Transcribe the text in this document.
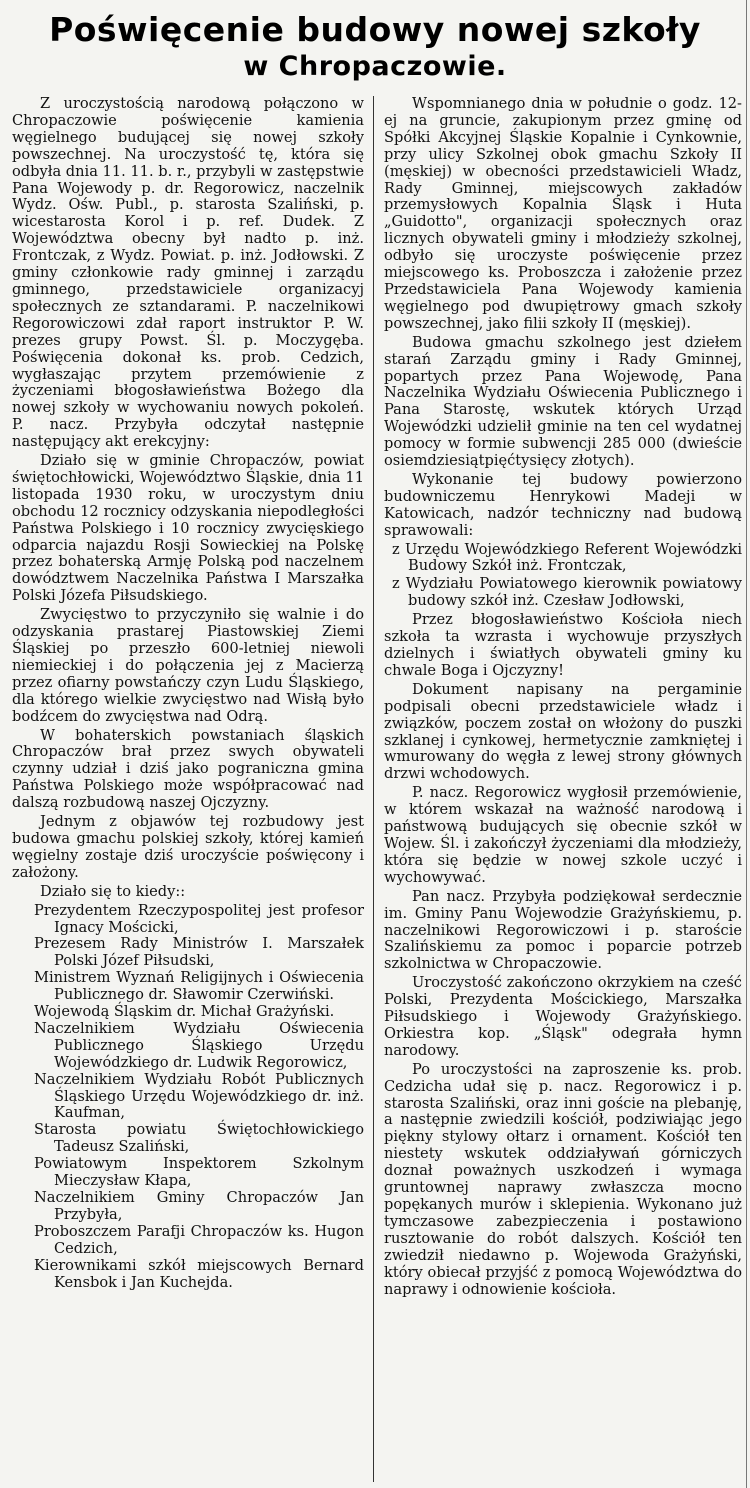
Poświęcenie budowy nowej szkoły
w Chropaczowie.

Z uroczystością narodową połączono w Chropaczowie poświęcenie kamienia węgielnego budującej się nowej szkoły powszechnej. Na uroczystość tę, która się odbyła dnia 11. 11. b. r., przybyli w zastępstwie Pana Wojewody p. dr. Regorowicz, naczelnik Wydz. Ośw. Publ., p. starosta Szaliński, p. wicestarosta Korol i p. ref. Dudek. Z Województwa obecny był nadto p. inż. Frontczak, z Wydz. Powiat. p. inż. Jodłowski. Z gminy członkowie rady gminnej i zarządu gminnego, przedstawiciele organizacyj społecznych ze sztandarami. P. naczelnikowi Regorowiczowi zdał raport instruktor P. W. prezes grupy Powst. Śl. p. Moczygęba. Poświęcenia dokonał ks. prob. Cedzich, wygłaszając przytem przemówienie z życzeniami błogosławieństwa Bożego dla nowej szkoły w wychowaniu nowych pokoleń. P. nacz. Przybyła odczytał następnie następujący akt erekcyjny:

Działo się w gminie Chropaczów, powiat świętochłowicki, Województwo Śląskie, dnia 11 listopada 1930 roku, w uroczystym dniu obchodu 12 rocznicy odzyskania niepodległości Państwa Polskiego i 10 rocznicy zwycięskiego odparcia najazdu Rosji Sowieckiej na Polskę przez bohaterską Armję Polską pod naczelnem dowództwem Naczelnika Państwa I Marszałka Polski Józefa Piłsudskiego.

Zwycięstwo to przyczyniło się walnie i do odzyskania prastarej Piastowskiej Ziemi Śląskiej po przeszło 600-letniej niewoli niemieckiej i do połączenia jej z Macierzą przez ofiarny powstańczy czyn Ludu Śląskiego, dla którego wielkie zwycięstwo nad Wisłą było bodźcem do zwycięstwa nad Odrą.

W bohaterskich powstaniach śląskich Chropaczów brał przez swych obywateli czynny udział i dziś jako pograniczna gmina Państwa Polskiego może współpracować nad dalszą rozbudową naszej Ojczyzny.

Jednym z objawów tej rozbudowy jest budowa gmachu polskiej szkoły, której kamień węgielny zostaje dziś uroczyście poświęcony i założony.

Działo się to kiedy::

Prezydentem Rzeczypospolitej jest profesor Ignacy Mościcki,
Prezesem Rady Ministrów I. Marszałek Polski Józef Piłsudski,
Ministrem Wyznań Religijnych i Oświecenia Publicznego dr. Sławomir Czerwiński.
Wojewodą Śląskim dr. Michał Grażyński.
Naczelnikiem Wydziału Oświecenia Publicznego Śląskiego Urzędu Wojewódzkiego dr. Ludwik Regorowicz,
Naczelnikiem Wydziału Robót Publicznych Śląskiego Urzędu Wojewódzkiego dr. inż. Kaufman,
Starosta powiatu Świętochłowickiego Tadeusz Szaliński,
Powiatowym Inspektorem Szkolnym Mieczysław Kłapa,
Naczelnikiem Gminy Chropaczów Jan Przybyła,
Proboszczem Parafji Chropaczów ks. Hugon Cedzich,
Kierownikami szkół miejscowych Bernard Kensbok i Jan Kuchejda.

Wspomnianego dnia w południe o godz. 12-ej na gruncie, zakupionym przez gminę od Spółki Akcyjnej Śląskie Kopalnie i Cynkownie, przy ulicy Szkolnej obok gmachu Szkoły II (męskiej) w obecności przedstawicieli Władz, Rady Gminnej, miejscowych zakładów przemysłowych Kopalnia Śląsk i Huta „Guidotto", organizacji społecznych oraz licznych obywateli gminy i młodzieży szkolnej, odbyło się uroczyste poświęcenie przez miejscowego ks. Proboszcza i założenie przez Przedstawiciela Pana Wojewody kamienia węgielnego pod dwupiętrowy gmach szkoły powszechnej, jako filii szkoły II (męskiej).

Budowa gmachu szkolnego jest dziełem starań Zarządu gminy i Rady Gminnej, popartych przez Pana Wojewodę, Pana Naczelnika Wydziału Oświecenia Publicznego i Pana Starostę, wskutek których Urząd Wojewódzki udzielił gminie na ten cel wydatnej pomocy w formie subwencji 285 000 (dwieście osiemdziesiątpięćtysięcy złotych).

Wykonanie tej budowy powierzono budowniczemu Henrykowi Madeji w Katowicach, nadzór techniczny nad budową sprawowali:

z Urzędu Wojewódzkiego Referent Wojewódzki Budowy Szkół inż. Frontczak,
z Wydziału Powiatowego kierownik powiatowy budowy szkół inż. Czesław Jodłowski,

Przez błogosławieństwo Kościoła niech szkoła ta wzrasta i wychowuje przyszłych dzielnych i światłych obywateli gminy ku chwale Boga i Ojczyzny!

Dokument napisany na pergaminie podpisali obecni przedstawiciele władz i związków, poczem został on włożony do puszki szklanej i cynkowej, hermetycznie zamkniętej i wmurowany do węgła z lewej strony głównych drzwi wchodowych.

P. nacz. Regorowicz wygłosił przemówienie, w którem wskazał na ważność narodową i państwową budujących się obecnie szkół w Wojew. Śl. i zakończył życzeniami dla młodzieży, która się będzie w nowej szkole uczyć i wychowywać.

Pan nacz. Przybyła podziękował serdecznie im. Gminy Panu Wojewodzie Grażyńskiemu, p. naczelnikowi Regorowiczowi i p. staroście Szalińskiemu za pomoc i poparcie potrzeb szkolnictwa w Chropaczowie.

Uroczystość zakończono okrzykiem na cześć Polski, Prezydenta Mościckiego, Marszałka Piłsudskiego i Wojewody Grażyńskiego. Orkiestra kop. „Śląsk" odegrała hymn narodowy.

Po uroczystości na zaproszenie ks. prob. Cedzicha udał się p. nacz. Regorowicz i p. starosta Szaliński, oraz inni goście na plebanję, a następnie zwiedzili kościół, podziwiając jego piękny stylowy ołtarz i ornament. Kościół ten niestety wskutek oddziaływań górniczych doznał poważnych uszkodzeń i wymaga gruntownej naprawy zwłaszcza mocno popękanych murów i sklepienia. Wykonano już tymczasowe zabezpieczenia i postawiono rusztowanie do robót dalszych. Kościół ten zwiedził niedawno p. Wojewoda Grażyński, który obiecał przyjść z pomocą Województwa do naprawy i odnowienie kościoła.
